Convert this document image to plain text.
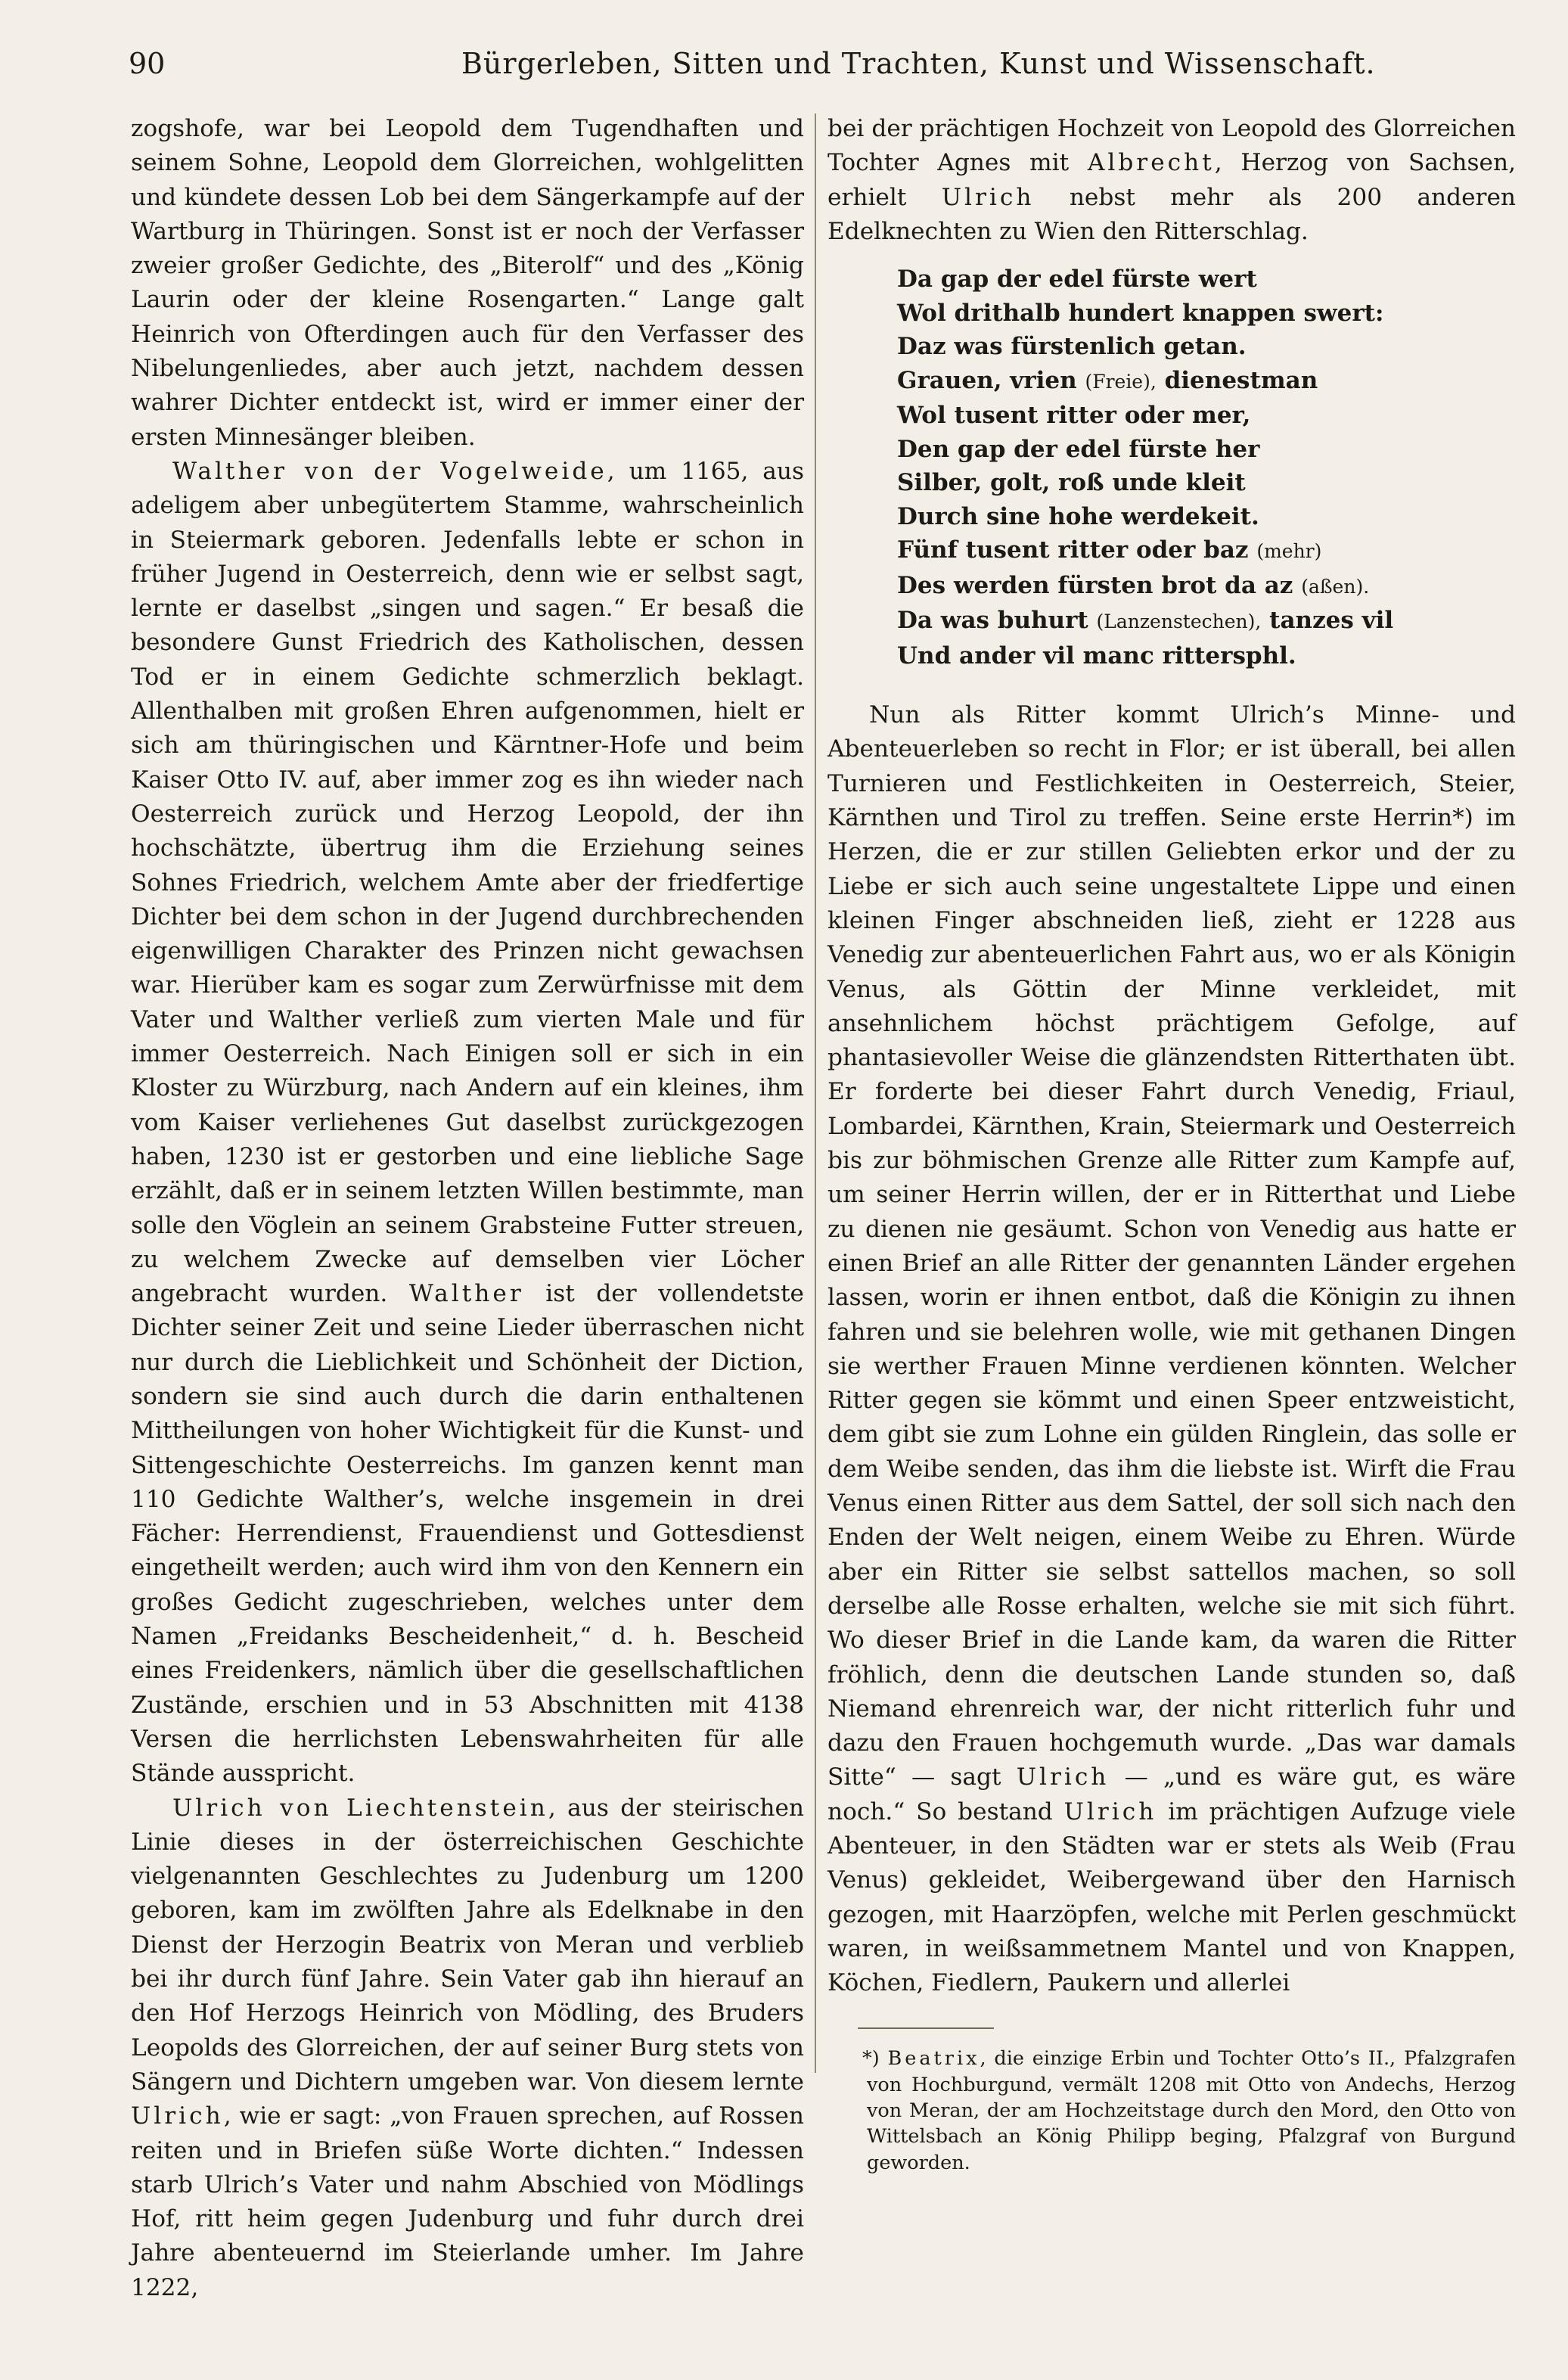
90	Bürgerleben, Sitten und Trachten, Kunst und Wissenschaft.

zogshofe, war bei Leopold dem Tugendhaften und seinem Sohne, Leopold dem Glorreichen, wohlgelitten und kündete dessen Lob bei dem Sängerkampfe auf der Wartburg in Thüringen. Sonst ist er noch der Verfasser zweier großer Gedichte, des „Biterolf“ und des „König Laurin oder der kleine Rosengarten.“ Lange galt Heinrich von Ofterdingen auch für den Verfasser des Nibelungenliedes, aber auch jetzt, nachdem dessen wahrer Dichter entdeckt ist, wird er immer einer der ersten Minnesänger bleiben.

Walther von der Vogelweide, um 1165, aus adeligem aber unbegütertem Stamme, wahrscheinlich in Steiermark geboren. Jedenfalls lebte er schon in früher Jugend in Oesterreich, denn wie er selbst sagt, lernte er daselbst „singen und sagen.“ Er besaß die besondere Gunst Friedrich des Katholischen, dessen Tod er in einem Gedichte schmerzlich beklagt. Allenthalben mit großen Ehren aufgenommen, hielt er sich am thüringischen und Kärntner-Hofe und beim Kaiser Otto IV. auf, aber immer zog es ihn wieder nach Oesterreich zurück und Herzog Leopold, der ihn hochschätzte, übertrug ihm die Erziehung seines Sohnes Friedrich, welchem Amte aber der friedfertige Dichter bei dem schon in der Jugend durchbrechenden eigenwilligen Charakter des Prinzen nicht gewachsen war. Hierüber kam es sogar zum Zerwürfnisse mit dem Vater und Walther verließ zum vierten Male und für immer Oesterreich. Nach Einigen soll er sich in ein Kloster zu Würzburg, nach Andern auf ein kleines, ihm vom Kaiser verliehenes Gut daselbst zurückgezogen haben, 1230 ist er gestorben und eine liebliche Sage erzählt, daß er in seinem letzten Willen bestimmte, man solle den Vöglein an seinem Grabsteine Futter streuen, zu welchem Zwecke auf demselben vier Löcher angebracht wurden. Walther ist der vollendetste Dichter seiner Zeit und seine Lieder überraschen nicht nur durch die Lieblichkeit und Schönheit der Diction, sondern sie sind auch durch die darin enthaltenen Mittheilungen von hoher Wichtigkeit für die Kunst- und Sittengeschichte Oesterreichs. Im ganzen kennt man 110 Gedichte Walther’s, welche insgemein in drei Fächer: Herrendienst, Frauendienst und Gottesdienst eingetheilt werden; auch wird ihm von den Kennern ein großes Gedicht zugeschrieben, welches unter dem Namen „Freidanks Bescheidenheit,“ d. h. Bescheid eines Freidenkers, nämlich über die gesellschaftlichen Zustände, erschien und in 53 Abschnitten mit 4138 Versen die herrlichsten Lebenswahrheiten für alle Stände ausspricht.

Ulrich von Liechtenstein, aus der steirischen Linie dieses in der österreichischen Geschichte vielgenannten Geschlechtes zu Judenburg um 1200 geboren, kam im zwölften Jahre als Edelknabe in den Dienst der Herzogin Beatrix von Meran und verblieb bei ihr durch fünf Jahre. Sein Vater gab ihn hierauf an den Hof Herzogs Heinrich von Mödling, des Bruders Leopolds des Glorreichen, der auf seiner Burg stets von Sängern und Dichtern umgeben war. Von diesem lernte Ulrich, wie er sagt: „von Frauen sprechen, auf Rossen reiten und in Briefen süße Worte dichten.“ Indessen starb Ulrich’s Vater und nahm Abschied von Mödlings Hof, ritt heim gegen Judenburg und fuhr durch drei Jahre abenteuernd im Steierlande umher. Im Jahre 1222,

bei der prächtigen Hochzeit von Leopold des Glorreichen Tochter Agnes mit Albrecht, Herzog von Sachsen, erhielt Ulrich nebst mehr als 200 anderen Edelknechten zu Wien den Ritterschlag.

Da gap der edel fürste wert
Wol drithalb hundert knappen swert:
Daz was fürstenlich getan.
Grauen, vrien (Freie), dienestman
Wol tusent ritter oder mer,
Den gap der edel fürste her
Silber, golt, roß unde kleit
Durch sine hohe werdekeit.
Fünf tusent ritter oder baz (mehr)
Des werden fürsten brot da az (aßen).
Da was buhurt (Lanzenstechen), tanzes vil
Und ander vil manc rittersphl.

Nun als Ritter kommt Ulrich’s Minne- und Abenteuerleben so recht in Flor; er ist überall, bei allen Turnieren und Festlichkeiten in Oesterreich, Steier, Kärnthen und Tirol zu treffen. Seine erste Herrin*) im Herzen, die er zur stillen Geliebten erkor und der zu Liebe er sich auch seine ungestaltete Lippe und einen kleinen Finger abschneiden ließ, zieht er 1228 aus Venedig zur abenteuerlichen Fahrt aus, wo er als Königin Venus, als Göttin der Minne verkleidet, mit ansehnlichem höchst prächtigem Gefolge, auf phantasievoller Weise die glänzendsten Ritterthaten übt. Er forderte bei dieser Fahrt durch Venedig, Friaul, Lombardei, Kärnthen, Krain, Steiermark und Oesterreich bis zur böhmischen Grenze alle Ritter zum Kampfe auf, um seiner Herrin willen, der er in Ritterthat und Liebe zu dienen nie gesäumt. Schon von Venedig aus hatte er einen Brief an alle Ritter der genannten Länder ergehen lassen, worin er ihnen entbot, daß die Königin zu ihnen fahren und sie belehren wolle, wie mit gethanen Dingen sie werther Frauen Minne verdienen könnten. Welcher Ritter gegen sie kömmt und einen Speer entzweisticht, dem gibt sie zum Lohne ein gülden Ringlein, das solle er dem Weibe senden, das ihm die liebste ist. Wirft die Frau Venus einen Ritter aus dem Sattel, der soll sich nach den Enden der Welt neigen, einem Weibe zu Ehren. Würde aber ein Ritter sie selbst sattellos machen, so soll derselbe alle Rosse erhalten, welche sie mit sich führt. Wo dieser Brief in die Lande kam, da waren die Ritter fröhlich, denn die deutschen Lande stunden so, daß Niemand ehrenreich war, der nicht ritterlich fuhr und dazu den Frauen hochgemuth wurde. „Das war damals Sitte“ — sagt Ulrich — „und es wäre gut, es wäre noch.“ So bestand Ulrich im prächtigen Aufzuge viele Abenteuer, in den Städten war er stets als Weib (Frau Venus) gekleidet, Weibergewand über den Harnisch gezogen, mit Haarzöpfen, welche mit Perlen geschmückt waren, in weißsammetnem Mantel und von Knappen, Köchen, Fiedlern, Paukern und allerlei

*) Beatrix, die einzige Erbin und Tochter Otto’s II., Pfalzgrafen von Hochburgund, vermält 1208 mit Otto von Andechs, Herzog von Meran, der am Hochzeitstage durch den Mord, den Otto von Wittelsbach an König Philipp beging, Pfalzgraf von Burgund geworden.
